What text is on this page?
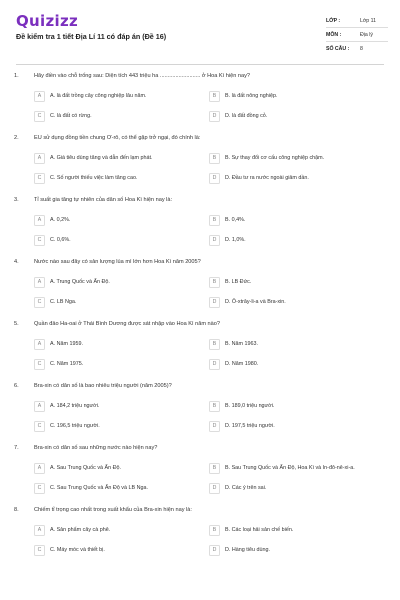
Quizizz
Đề kiểm tra 1 tiết Địa Lí 11 có đáp án (Đề 16)
LỚP :	Lớp 11
MÔN :	Địa lý
SỐ CÂU :	8
1.	Hãy điền vào chỗ trống sau: Diện tích 443 triệu ha .......................... ở Hoa Kì hiện nay?
A	A. là đất trồng cây công nghiệp lâu năm.	B	B. là đất nông nghiệp.
C	C. là đất có rừng.	D	D. là đất đồng cỏ.
2.	EU sử dụng đồng tiền chung Ơ-rô, có thể gặp trở ngại, đó chính là:
A	A. Giá tiêu dùng tăng và dẫn đến lạm phát.	B	B. Sự thay đổi cơ cấu công nghiệp chậm.
C	C. Số người thiếu việc làm tăng cao.	D	D. Đầu tư ra nước ngoài giảm dần.
3.	Tỉ suất gia tăng tự nhiên của dân số Hoa Kì hiện nay là:
A	A. 0,2%.	B	B. 0,4%.
C	C. 0,6%.	D	D. 1,0%.
4.	Nước nào sau đây có sản lượng lúa mì lớn hơn Hoa Kì năm 2005?
A	A. Trung Quốc và Ấn Độ.	B	B. LB Đức.
C	C. LB Nga.	D	D. Ô-xtrây-li-a và Bra-xin.
5.	Quần đảo Ha-oai ở Thái Bình Dương được sát nhập vào Hoa Kì năm nào?
A	A. Năm 1959.	B	B. Năm 1963.
C	C. Năm 1975.	D	D. Năm 1980.
6.	Bra-xin có dân số là bao nhiêu triệu người (năm 2005)?
A	A. 184,2 triệu người.	B	B. 189,0 triệu người.
C	C. 196,5 triệu người.	D	D. 197,5 triệu người.
7.	Bra-xin có dân số sau những nước nào hiện nay?
A	A. Sau Trung Quốc và Ấn Độ.	B	B. Sau Trung Quốc và Ấn Độ, Hoa Kì và In-đô-nê-xi-a.
C	C. Sau Trung Quốc và Ấn Độ và LB Nga.	D	D. Các ý trên sai.
8.	Chiếm tỉ trọng cao nhất trong xuất khẩu của Bra-xin hiện nay là:
A	A. Sản phẩm cây cà phê.	B	B. Các loại hải sản chế biến.
C	C. Máy móc và thiết bị.	D	D. Hàng tiêu dùng.
